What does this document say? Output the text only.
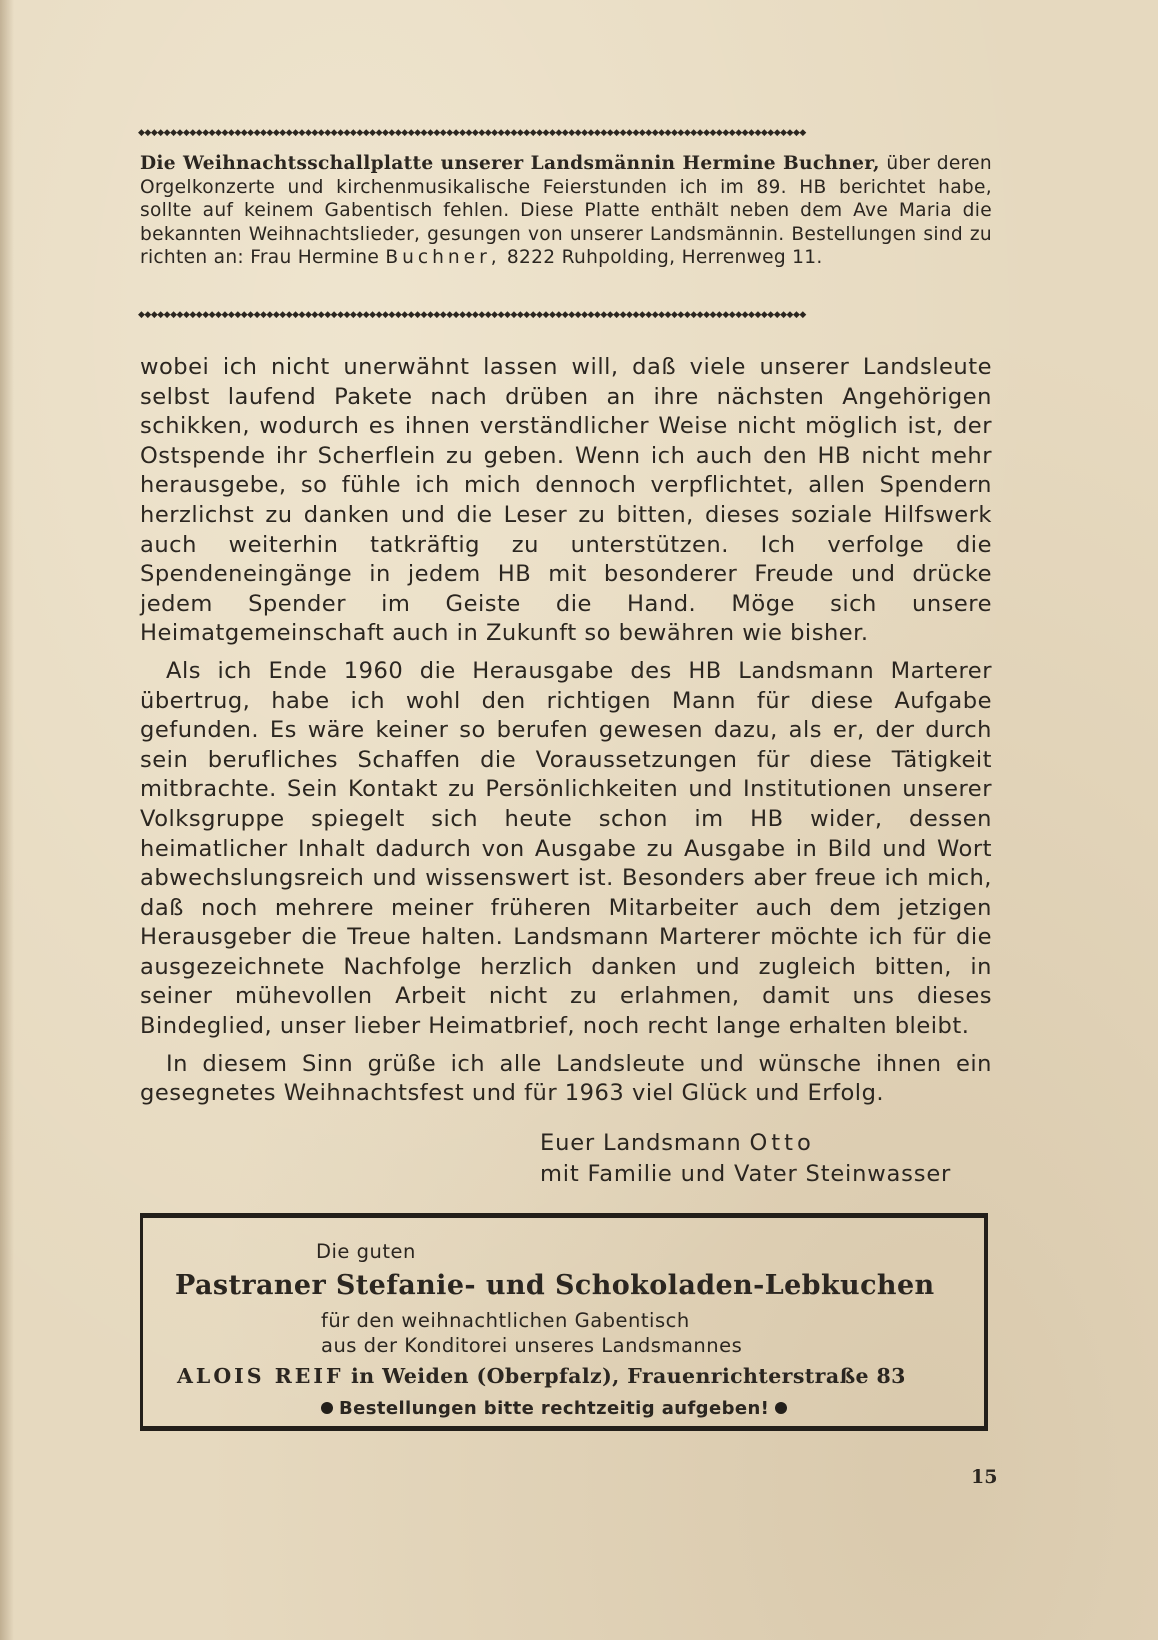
◆◆◆◆◆◆◆◆◆◆◆◆◆◆◆◆◆◆◆◆◆◆◆◆◆◆◆◆◆◆◆◆◆◆◆◆◆◆◆◆◆◆◆◆◆◆◆◆◆◆◆◆◆◆◆◆◆◆◆◆◆◆◆◆◆◆◆◆◆◆◆◆◆◆◆◆◆◆◆◆◆◆◆◆◆◆◆◆◆◆◆◆◆◆◆◆◆◆◆◆◆◆◆◆
Die Weihnachtsschallplatte unserer Landsmännin Hermine Buchner, über deren Orgelkonzerte und kirchenmusikalische Feierstunden ich im 89. HB berichtet habe, sollte auf keinem Gabentisch fehlen. Diese Platte enthält neben dem Ave Maria die bekannten Weihnachtslieder, gesungen von unserer Landsmännin. Bestellungen sind zu richten an: Frau Hermine Buchner, 8222 Ruhpolding, Herrenweg 11.
◆◆◆◆◆◆◆◆◆◆◆◆◆◆◆◆◆◆◆◆◆◆◆◆◆◆◆◆◆◆◆◆◆◆◆◆◆◆◆◆◆◆◆◆◆◆◆◆◆◆◆◆◆◆◆◆◆◆◆◆◆◆◆◆◆◆◆◆◆◆◆◆◆◆◆◆◆◆◆◆◆◆◆◆◆◆◆◆◆◆◆◆◆◆◆◆◆◆◆◆◆◆◆◆

wobei ich nicht unerwähnt lassen will, daß viele unserer Landsleute selbst laufend Pakete nach drüben an ihre nächsten Angehörigen schikken, wodurch es ihnen verständlicher Weise nicht möglich ist, der Ostspende ihr Scherflein zu geben. Wenn ich auch den HB nicht mehr herausgebe, so fühle ich mich dennoch verpflichtet, allen Spendern herzlichst zu danken und die Leser zu bitten, dieses soziale Hilfswerk auch weiterhin tatkräftig zu unterstützen. Ich verfolge die Spendeneingänge in jedem HB mit besonderer Freude und drücke jedem Spender im Geiste die Hand. Möge sich unsere Heimatgemeinschaft auch in Zukunft so bewähren wie bisher.

Als ich Ende 1960 die Herausgabe des HB Landsmann Marterer übertrug, habe ich wohl den richtigen Mann für diese Aufgabe gefunden. Es wäre keiner so berufen gewesen dazu, als er, der durch sein berufliches Schaffen die Voraussetzungen für diese Tätigkeit mitbrachte. Sein Kontakt zu Persönlichkeiten und Institutionen unserer Volksgruppe spiegelt sich heute schon im HB wider, dessen heimatlicher Inhalt dadurch von Ausgabe zu Ausgabe in Bild und Wort abwechslungsreich und wissenswert ist. Besonders aber freue ich mich, daß noch mehrere meiner früheren Mitarbeiter auch dem jetzigen Herausgeber die Treue halten. Landsmann Marterer möchte ich für die ausgezeichnete Nachfolge herzlich danken und zugleich bitten, in seiner mühevollen Arbeit nicht zu erlahmen, damit uns dieses Bindeglied, unser lieber Heimatbrief, noch recht lange erhalten bleibt.

In diesem Sinn grüße ich alle Landsleute und wünsche ihnen ein gesegnetes Weihnachtsfest und für 1963 viel Glück und Erfolg.

Euer Landsmann Otto
mit Familie und Vater Steinwasser
Die guten
Pastraner Stefanie- und Schokoladen-Lebkuchen
für den weihnachtlichen Gabentisch
aus der Konditorei unseres Landsmannes
ALOIS REIF in Weiden (Oberpfalz), Frauenrichterstraße 83
Bestellungen bitte rechtzeitig aufgeben!
15
